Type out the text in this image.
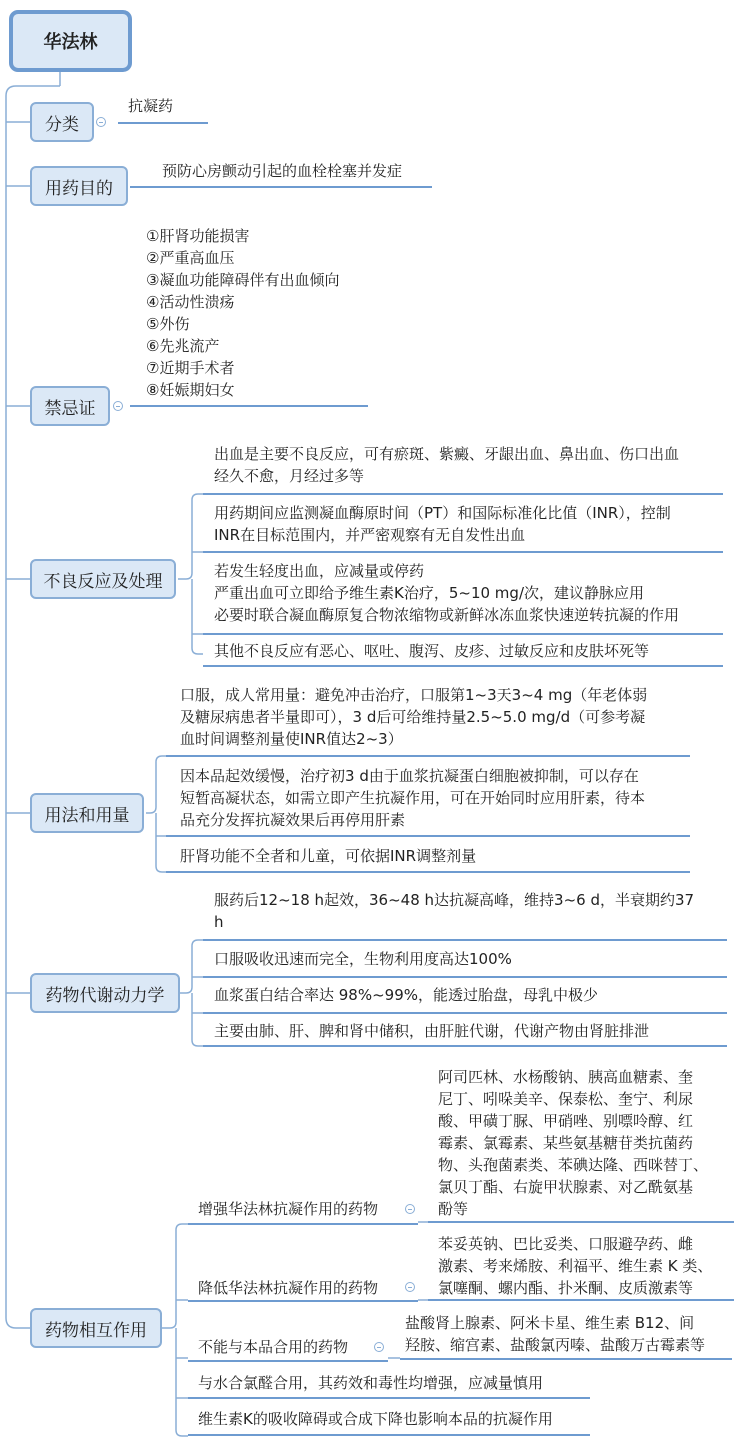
华法林
分类
抗凝药
用药目的
预防心房颤动引起的血栓栓塞并发症
禁忌证
①肝肾功能损害
②严重高血压
③凝血功能障碍伴有出血倾向
④活动性溃疡
⑤外伤
⑥先兆流产
⑦近期手术者
⑧妊娠期妇女
不良反应及处理
出血是主要不良反应，可有瘀斑、紫癜、牙龈出血、鼻出血、伤口出血
经久不愈，月经过多等
用药期间应监测凝血酶原时间（PT）和国际标准化比值（INR），控制
INR在目标范围内，并严密观察有无自发性出血
若发生轻度出血，应减量或停药
严重出血可立即给予维生素K治疗，5~10 mg/次，建议静脉应用
必要时联合凝血酶原复合物浓缩物或新鲜冰冻血浆快速逆转抗凝的作用
其他不良反应有恶心、呕吐、腹泻、皮疹、过敏反应和皮肤坏死等
用法和用量
口服，成人常用量：避免冲击治疗，口服第1~3天3~4 mg（年老体弱
及糖尿病患者半量即可），3 d后可给维持量2.5~5.0 mg/d（可参考凝
血时间调整剂量使INR值达2~3）
因本品起效缓慢，治疗初3 d由于血浆抗凝蛋白细胞被抑制，可以存在
短暂高凝状态，如需立即产生抗凝作用，可在开始同时应用肝素，待本
品充分发挥抗凝效果后再停用肝素
肝肾功能不全者和儿童，可依据INR调整剂量
药物代谢动力学
服药后12~18 h起效，36~48 h达抗凝高峰，维持3~6 d，半衰期约37
h
口服吸收迅速而完全，生物利用度高达100%
血浆蛋白结合率达 98%~99%，能透过胎盘，母乳中极少
主要由肺、肝、脾和肾中储积，由肝脏代谢，代谢产物由肾脏排泄
药物相互作用
增强华法林抗凝作用的药物
阿司匹林、水杨酸钠、胰高血糖素、奎
尼丁、吲哚美辛、保泰松、奎宁、利尿
酸、甲磺丁脲、甲硝唑、别嘌呤醇、红
霉素、氯霉素、某些氨基糖苷类抗菌药
物、头孢菌素类、苯碘达隆、西咪替丁、
氯贝丁酯、右旋甲状腺素、对乙酰氨基
酚等
降低华法林抗凝作用的药物
苯妥英钠、巴比妥类、口服避孕药、雌
激素、考来烯胺、利福平、维生素 K 类、
氯噻酮、螺内酯、扑米酮、皮质激素等
不能与本品合用的药物
盐酸肾上腺素、阿米卡星、维生素 B12、间
羟胺、缩宫素、盐酸氯丙嗪、盐酸万古霉素等
与水合氯醛合用，其药效和毒性均增强，应减量慎用
维生素K的吸收障碍或合成下降也影响本品的抗凝作用
